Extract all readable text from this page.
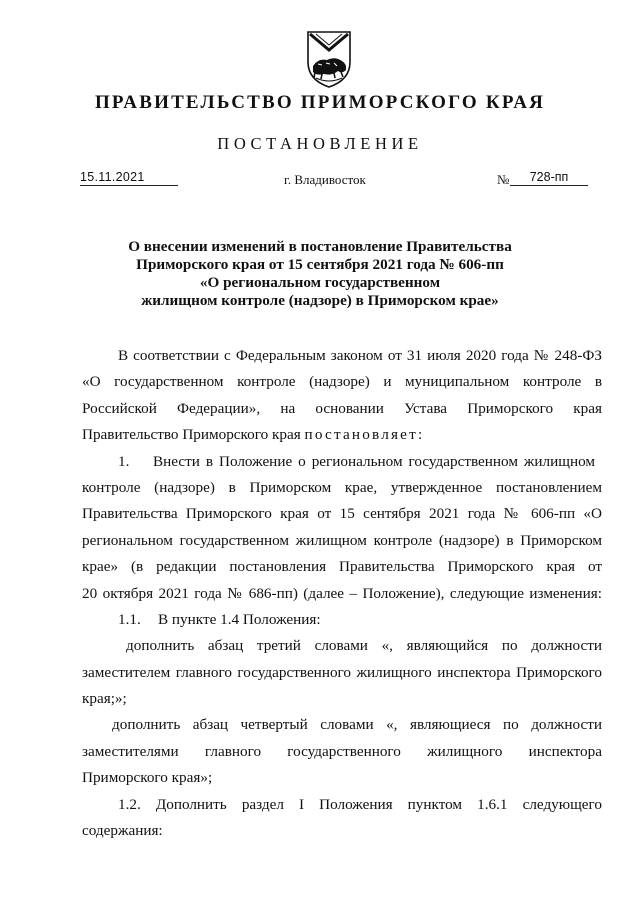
ПРАВИТЕЛЬСТВО ПРИМОРСКОГО КРАЯ
ПОСТАНОВЛЕНИЕ
15.11.2021	г. Владивосток	№	728-пп
О внесении изменений в постановление Правительства
Приморского края от 15 сентября 2021 года № 606-пп
«О региональном государственном
жилищном контроле (надзоре) в Приморском крае»
В соответствии с Федеральным законом от 31 июля 2020 года № 248-ФЗ
«О государственном контроле (надзоре) и муниципальном контроле в
Российской Федерации», на основании Устава Приморского края
Правительство Приморского края постановляет:
1. Внести в Положение о региональном государственном жилищном
контроле (надзоре) в Приморском крае, утвержденное постановлением
Правительства Приморского края от 15 сентября 2021 года № 606-пп «О
региональном государственном жилищном контроле (надзоре) в Приморском
крае» (в редакции постановления Правительства Приморского края от
20 октября 2021 года № 686-пп) (далее – Положение), следующие изменения:
1.1. В пункте 1.4 Положения:
дополнить абзац третий словами «, являющийся по должности
заместителем главного государственного жилищного инспектора Приморского
края;»;
дополнить абзац четвертый словами «, являющиеся по должности
заместителями главного государственного жилищного инспектора
Приморского края»;
1.2. Дополнить раздел I Положения пунктом 1.6.1 следующего
содержания:
